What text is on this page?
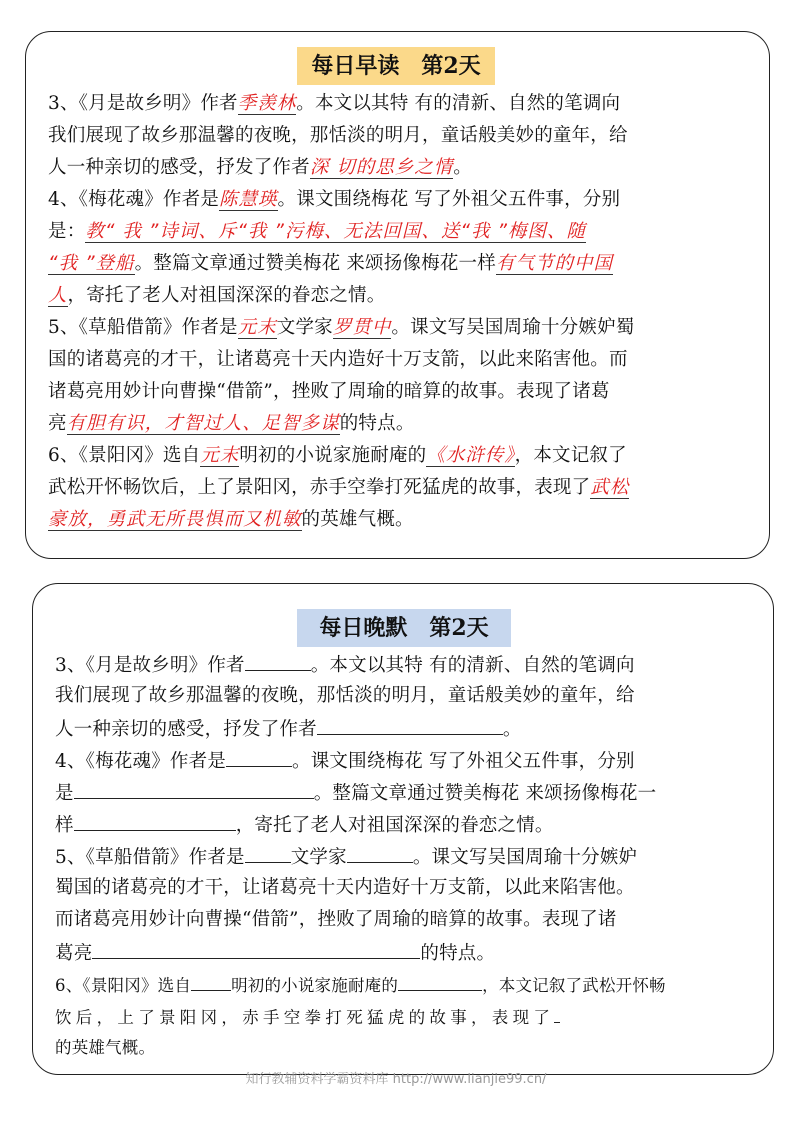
每日早读　第2天
3、《月是故乡明》作者季羡林。本文以其特 有的清新、自然的笔调向
我们展现了故乡那温馨的夜晚，那恬淡的明月，童话般美妙的童年，给
人一种亲切的感受，抒发了作者深 切的思乡之情。
4、《梅花魂》作者是陈慧瑛。课文围绕梅花 写了外祖父五件事，分别
是：教“ 我 ”诗词、斥“我 ”污梅、无法回国、送“我 ”梅图、随
“我 ”登船。整篇文章通过赞美梅花 来颂扬像梅花一样有气节的中国
人，寄托了老人对祖国深深的眷恋之情。
5、《草船借箭》作者是元末文学家罗贯中。课文写吴国周瑜十分嫉妒蜀
国的诸葛亮的才干，让诸葛亮十天内造好十万支箭，以此来陷害他。而
诸葛亮用妙计向曹操“借箭”，挫败了周瑜的暗算的故事。表现了诸葛
亮有胆有识，才智过人、足智多谋的特点。
6、《景阳冈》选自元末明初的小说家施耐庵的《水浒传》，本文记叙了
武松开怀畅饮后，上了景阳冈，赤手空拳打死猛虎的故事，表现了武松
豪放，勇武无所畏惧而又机敏的英雄气概。
每日晚默　第2天
3、《月是故乡明》作者	。本文以其特 有的清新、自然的笔调向
我们展现了故乡那温馨的夜晚，那恬淡的明月，童话般美妙的童年，给
人一种亲切的感受，抒发了作者	。
4、《梅花魂》作者是	。课文围绕梅花 写了外祖父五件事，分别
是	。整篇文章通过赞美梅花 来颂扬像梅花一
样	，寄托了老人对祖国深深的眷恋之情。
5、《草船借箭》作者是 文学家	。课文写吴国周瑜十分嫉妒
蜀国的诸葛亮的才干，让诸葛亮十天内造好十万支箭，以此来陷害他。
而诸葛亮用妙计向曹操“借箭”，挫败了周瑜的暗算的故事。表现了诸
葛亮	的特点。
6、《景阳冈》选自 明初的小说家施耐庵的	，本文记叙了武松开怀畅
饮后，上了景阳冈，赤手空拳打死猛虎的故事，表现了
的英雄气概。
知行教辅资料学霸资料库 http://www.lianjie99.cn/
